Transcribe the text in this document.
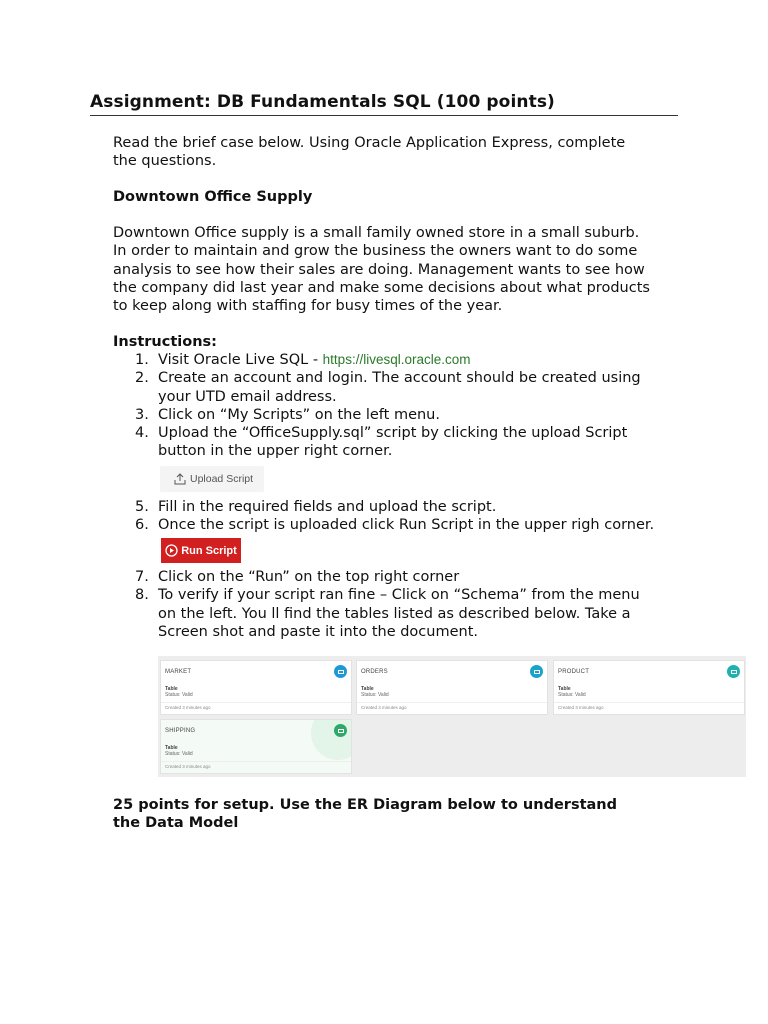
Assignment: DB Fundamentals SQL (100 points)
Read the brief case below. Using Oracle Application Express, complete
the questions.
Downtown Office Supply
Downtown Office supply is a small family owned store in a small suburb.
In order to maintain and grow the business the owners want to do some
analysis to see how their sales are doing. Management wants to see how
the company did last year and make some decisions about what products
to keep along with staffing for busy times of the year.
Instructions:
1. Visit Oracle Live SQL - https://livesql.oracle.com
2. Create an account and login. The account should be created using
your UTD email address.
3. Click on “My Scripts” on the left menu.
4. Upload the “OfficeSupply.sql” script by clicking the upload Script
button in the upper right corner.
Upload Script
5. Fill in the required fields and upload the script.
6. Once the script is uploaded click Run Script in the upper righ corner.
Run Script
7. Click on the “Run” on the top right corner
8. To verify if your script ran fine – Click on “Schema” from the menu
on the left. You ll find the tables listed as described below. Take a
Screen shot and paste it into the document.
MARKET
Table
Status: Valid
Created 3 minutes ago
ORDERS
Table
Status: Valid
Created 3 minutes ago
PRODUCT
Table
Status: Valid
Created 3 minutes ago
SHIPPING
Table
Status: Valid
Created 3 minutes ago
25 points for setup. Use the ER Diagram below to understand
the Data Model
